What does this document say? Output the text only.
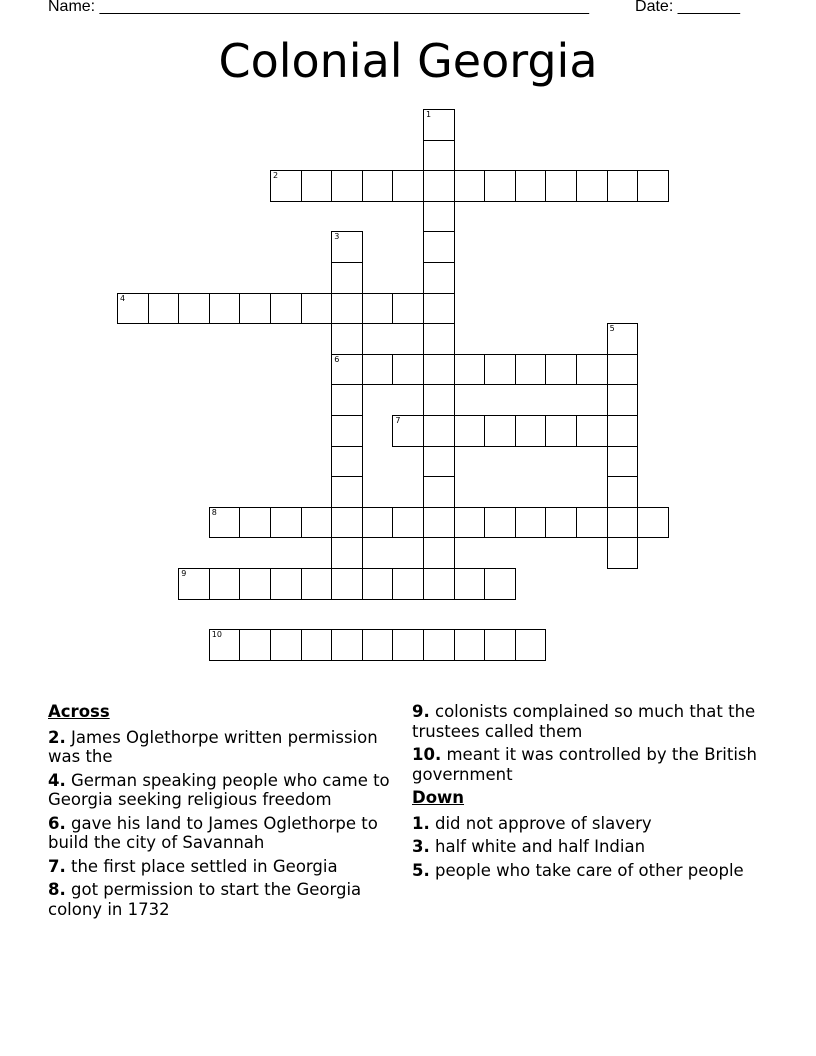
Name: _______________________________________________________	Date: _______
Colonial Georgia
1
2
3
6
4
5
7
8
9
10
Across
2. James Oglethorpe written permission was the
4. German speaking people who came to Georgia seeking religious freedom
6. gave his land to James Oglethorpe to build the city of Savannah
7. the first place settled in Georgia
8. got permission to start the Georgia colony in 1732
9. colonists complained so much that the trustees called them
10. meant it was controlled by the British government
Down
1. did not approve of slavery
3. half white and half Indian
5. people who take care of other people
